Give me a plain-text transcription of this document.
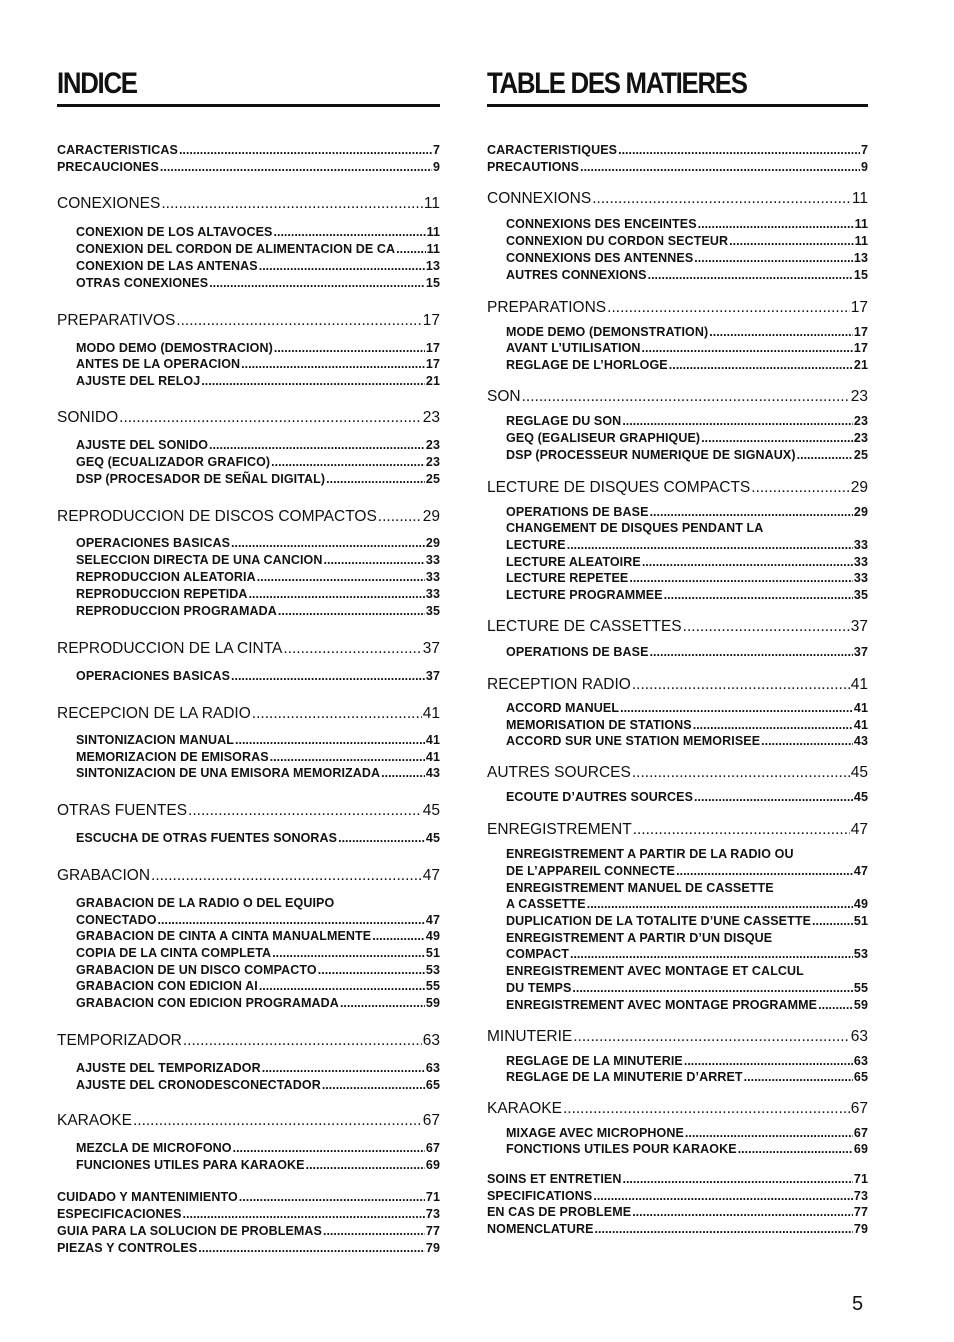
INDICE
CARACTERISTICAS .....	7
PRECAUCIONES .....	9
CONEXIONES .....	11
CONEXION DE LOS ALTAVOCES .....	11
CONEXION DEL CORDON DE ALIMENTACION DE CA .....	11
CONEXION DE LAS ANTENAS .....	13
OTRAS CONEXIONES .....	15
PREPARATIVOS .....	17
MODO DEMO (DEMOSTRACION) .....	17
ANTES DE LA OPERACION .....	17
AJUSTE DEL RELOJ .....	21
SONIDO .....	23
AJUSTE DEL SONIDO .....	23
GEQ (ECUALIZADOR GRAFICO) .....	23
DSP (PROCESADOR DE SEÑAL DIGITAL) .....	25
REPRODUCCION DE DISCOS COMPACTOS .....	29
OPERACIONES BASICAS .....	29
SELECCION DIRECTA DE UNA CANCION .....	33
REPRODUCCION ALEATORIA .....	33
REPRODUCCION REPETIDA .....	33
REPRODUCCION PROGRAMADA .....	35
REPRODUCCION DE LA CINTA .....	37
OPERACIONES BASICAS .....	37
RECEPCION DE LA RADIO .....	41
SINTONIZACION MANUAL .....	41
MEMORIZACION DE EMISORAS .....	41
SINTONIZACION DE UNA EMISORA MEMORIZADA .....	43
OTRAS FUENTES .....	45
ESCUCHA DE OTRAS FUENTES SONORAS .....	45
GRABACION .....	47
GRABACION DE LA RADIO O DEL EQUIPO
CONECTADO .....	47
GRABACION DE CINTA A CINTA MANUALMENTE .....	49
COPIA DE LA CINTA COMPLETA .....	51
GRABACION DE UN DISCO COMPACTO .....	53
GRABACION CON EDICION AI .....	55
GRABACION CON EDICION PROGRAMADA .....	59
TEMPORIZADOR .....	63
AJUSTE DEL TEMPORIZADOR .....	63
AJUSTE DEL CRONODESCONECTADOR .....	65
KARAOKE .....	67
MEZCLA DE MICROFONO .....	67
FUNCIONES UTILES PARA KARAOKE .....	69
CUIDADO Y MANTENIMIENTO .....	71
ESPECIFICACIONES .....	73
GUIA PARA LA SOLUCION DE PROBLEMAS .....	77
PIEZAS Y CONTROLES .....	79
TABLE DES MATIERES
CARACTERISTIQUES .....	7
PRECAUTIONS .....	9
CONNEXIONS .....	11
CONNEXIONS DES ENCEINTES .....	11
CONNEXION DU CORDON SECTEUR .....	11
CONNEXIONS DES ANTENNES .....	13
AUTRES CONNEXIONS .....	15
PREPARATIONS .....	17
MODE DEMO (DEMONSTRATION) .....	17
AVANT L’UTILISATION .....	17
REGLAGE DE L’HORLOGE .....	21
SON .....	23
REGLAGE DU SON .....	23
GEQ (EGALISEUR GRAPHIQUE) .....	23
DSP (PROCESSEUR NUMERIQUE DE SIGNAUX) .....	25
LECTURE DE DISQUES COMPACTS .....	29
OPERATIONS DE BASE .....	29
CHANGEMENT DE DISQUES PENDANT LA
LECTURE .....	33
LECTURE ALEATOIRE .....	33
LECTURE REPETEE .....	33
LECTURE PROGRAMMEE .....	35
LECTURE DE CASSETTES .....	37
OPERATIONS DE BASE .....	37
RECEPTION RADIO .....	41
ACCORD MANUEL .....	41
MEMORISATION DE STATIONS .....	41
ACCORD SUR UNE STATION MEMORISEE .....	43
AUTRES SOURCES .....	45
ECOUTE D’AUTRES SOURCES .....	45
ENREGISTREMENT .....	47
ENREGISTREMENT A PARTIR DE LA RADIO OU
DE L’APPAREIL CONNECTE .....	47
ENREGISTREMENT MANUEL DE CASSETTE
A CASSETTE .....	49
DUPLICATION DE LA TOTALITE D’UNE CASSETTE .....	51
ENREGISTREMENT A PARTIR D’UN DISQUE
COMPACT .....	53
ENREGISTREMENT AVEC MONTAGE ET CALCUL
DU TEMPS .....	55
ENREGISTREMENT AVEC MONTAGE PROGRAMME .....	59
MINUTERIE .....	63
REGLAGE DE LA MINUTERIE .....	63
REGLAGE DE LA MINUTERIE D’ARRET .....	65
KARAOKE .....	67
MIXAGE AVEC MICROPHONE .....	67
FONCTIONS UTILES POUR KARAOKE .....	69
SOINS ET ENTRETIEN .....	71
SPECIFICATIONS .....	73
EN CAS DE PROBLEME .....	77
NOMENCLATURE .....	79
5
